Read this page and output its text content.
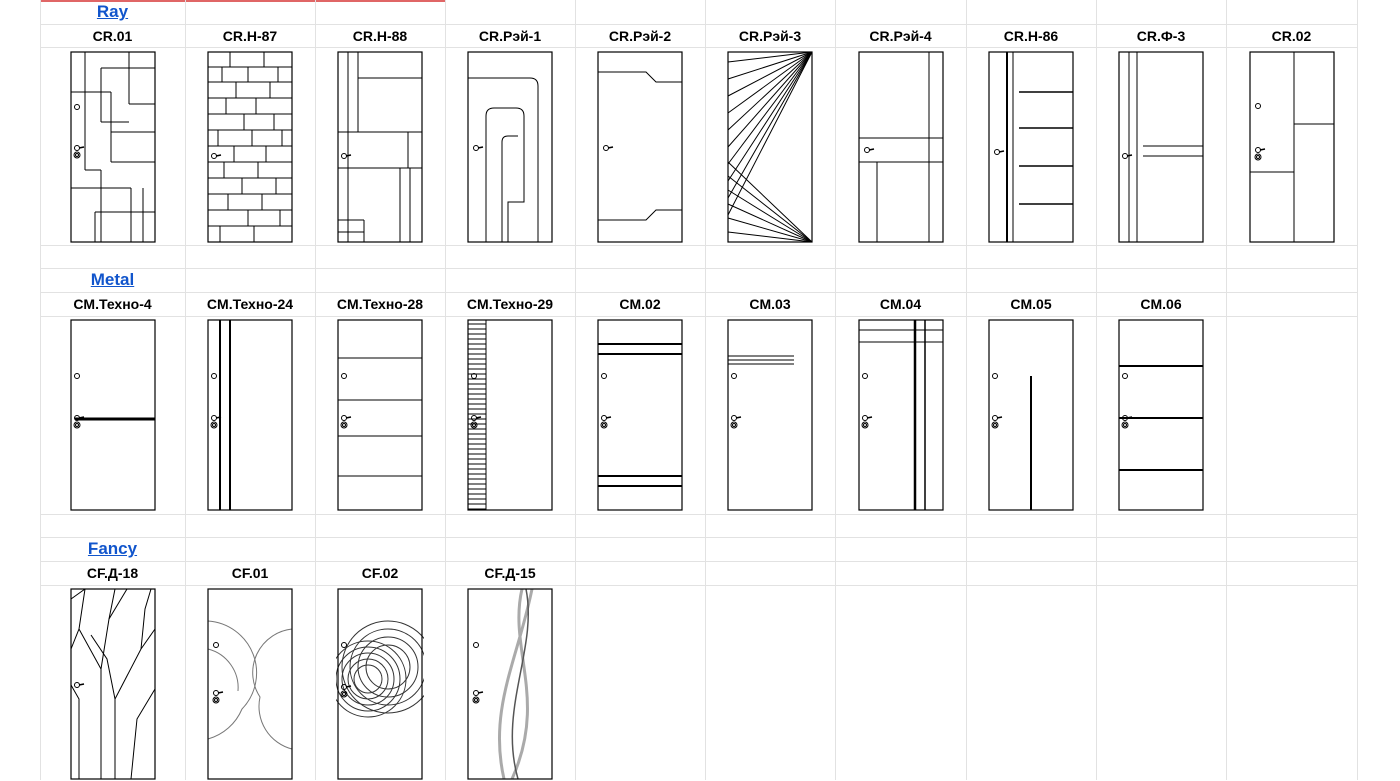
Ray
CR.01	CR.H-87	CR.H-88	CR.Рэй-1	CR.Рэй-2	CR.Рэй-3	CR.Рэй-4	CR.H-86	CR.Ф-3	CR.02
Metal
CM.Техно-4	CM.Техно-24	CM.Техно-28	CM.Техно-29	CM.02	CM.03	CM.04	CM.05	CM.06
Fancy
CF.Д-18	CF.01	CF.02	CF.Д-15
